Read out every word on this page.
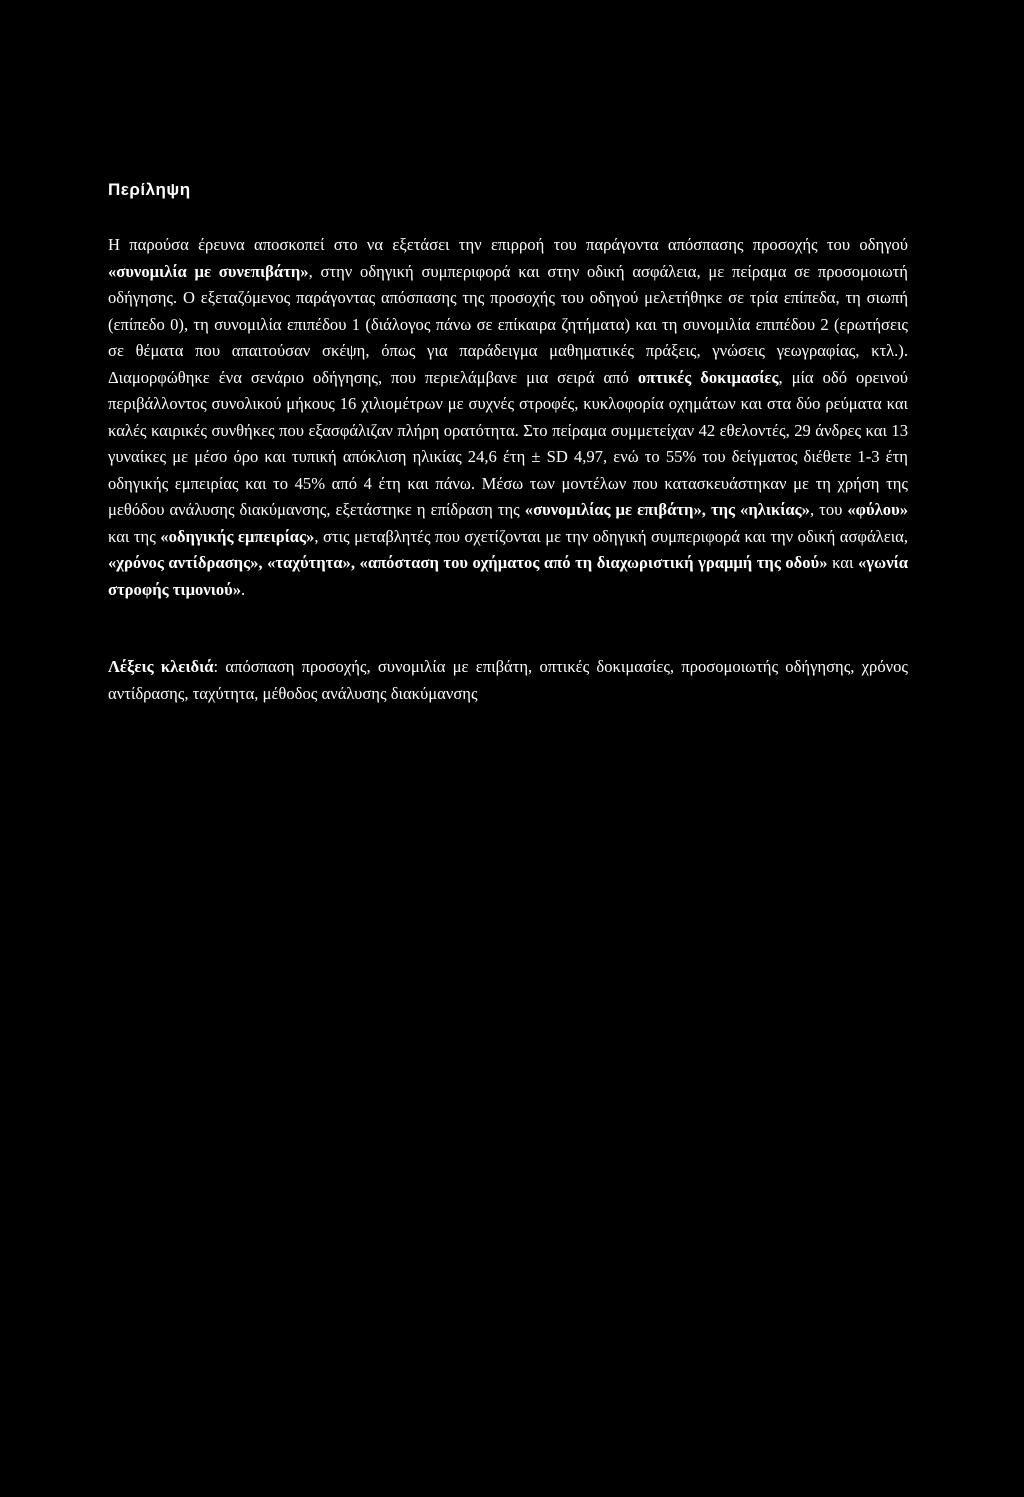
Περίληψη

Η παρούσα έρευνα αποσκοπεί στο να εξετάσει την επιρροή του παράγοντα απόσπασης προσοχής του οδηγού «συνομιλία με συνεπιβάτη», στην οδηγική συμπεριφορά και στην οδική ασφάλεια, με πείραμα σε προσομοιωτή οδήγησης. Ο εξεταζόμενος παράγοντας απόσπασης της προσοχής του οδηγού μελετήθηκε σε τρία επίπεδα, τη σιωπή (επίπεδο 0), τη συνομιλία επιπέδου 1 (διάλογος πάνω σε επίκαιρα ζητήματα) και τη συνομιλία επιπέδου 2 (ερωτήσεις σε θέματα που απαιτούσαν σκέψη, όπως για παράδειγμα μαθηματικές πράξεις, γνώσεις γεωγραφίας, κτλ.). Διαμορφώθηκε ένα σενάριο οδήγησης, που περιελάμβανε μια σειρά από οπτικές δοκιμασίες, μία οδό ορεινού περιβάλλοντος συνολικού μήκους 16 χιλιομέτρων με συχνές στροφές, κυκλοφορία οχημάτων και στα δύο ρεύματα και καλές καιρικές συνθήκες που εξασφάλιζαν πλήρη ορατότητα. Στο πείραμα συμμετείχαν 42 εθελοντές, 29 άνδρες και 13 γυναίκες με μέσο όρο και τυπική απόκλιση ηλικίας 24,6 έτη ± SD 4,97, ενώ το 55% του δείγματος διέθετε 1-3 έτη οδηγικής εμπειρίας και το 45% από 4 έτη και πάνω. Μέσω των μοντέλων που κατασκευάστηκαν με τη χρήση της μεθόδου ανάλυσης διακύμανσης, εξετάστηκε η επίδραση της «συνομιλίας με επιβάτη», της «ηλικίας», του «φύλου» και της «οδηγικής εμπειρίας», στις μεταβλητές που σχετίζονται με την οδηγική συμπεριφορά και την οδική ασφάλεια, «χρόνος αντίδρασης», «ταχύτητα», «απόσταση του οχήματος από τη διαχωριστική γραμμή της οδού» και «γωνία στροφής τιμονιού».

Λέξεις κλειδιά: απόσπαση προσοχής, συνομιλία με επιβάτη, οπτικές δοκιμασίες, προσομοιωτής οδήγησης, χρόνος αντίδρασης, ταχύτητα, μέθοδος ανάλυσης διακύμανσης
